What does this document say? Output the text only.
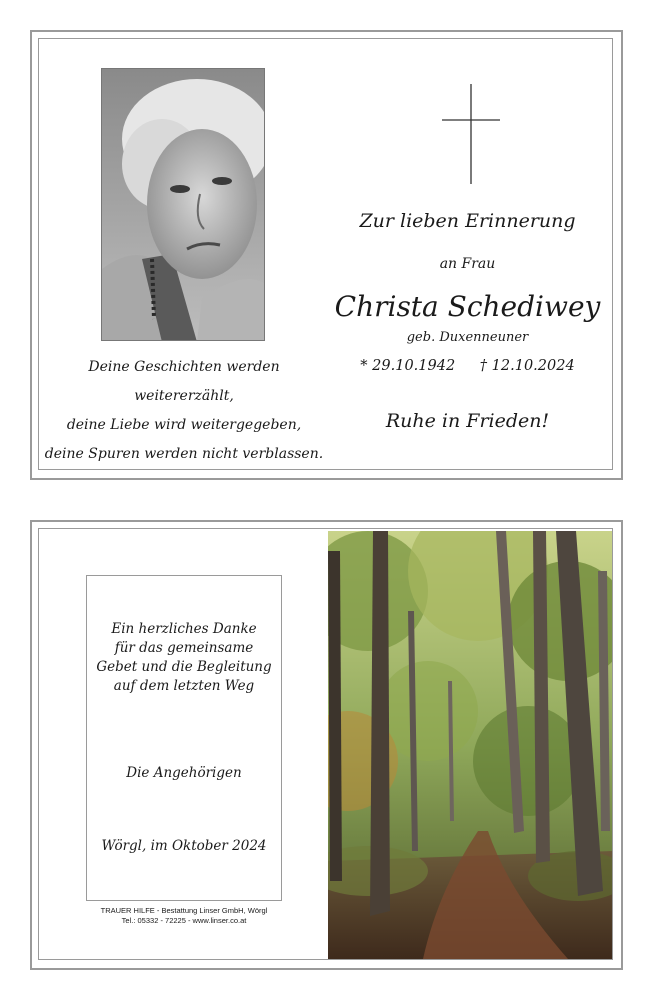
Deine Geschichten werden weitererzählt,
deine Liebe wird weitergegeben,
deine Spuren werden nicht verblassen.
Zur lieben Erinnerung
an Frau
Christa Schediwey
geb. Duxenneuner
* 29.10.1942 † 12.10.2024
Ruhe in Frieden!
Ein herzliches Danke
für das gemeinsame
Gebet und die Begleitung
auf dem letzten Weg
Die Angehörigen
Wörgl, im Oktober 2024
TRAUER HILFE - Bestattung Linser GmbH, Wörgl
Tel.: 05332 - 72225 - www.linser.co.at
